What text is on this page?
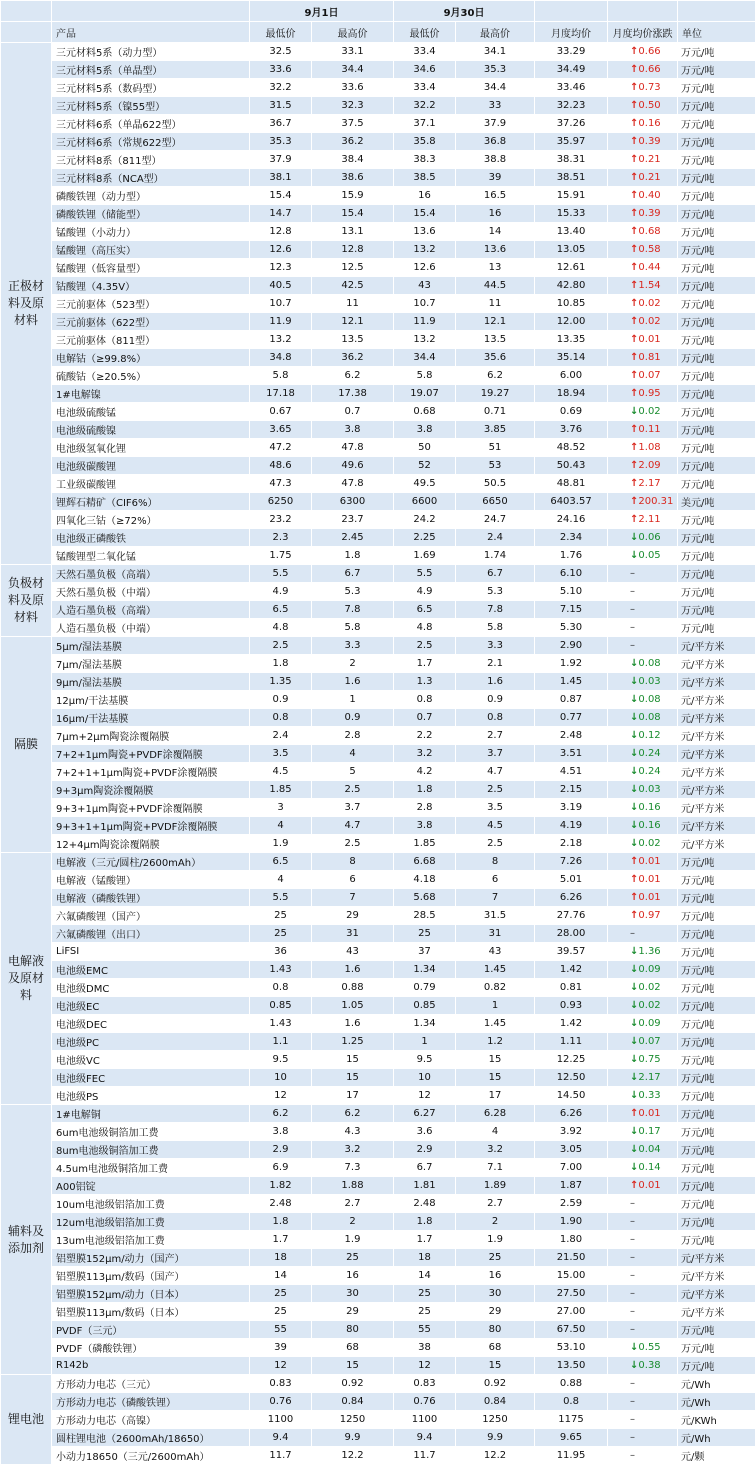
		9月1日		9月30日				
	产品	最低价	最高价	最低价	最高价	月度均价	月度均价涨跌	单位
正极材料及原材料	三元材料5系（动力型）	32.5	33.1	33.4	34.1	33.29	↑0.66	万元/吨
	三元材料5系（单晶型）	33.6	34.4	34.6	35.3	34.49	↑0.66	万元/吨
	三元材料5系（数码型）	32.2	33.6	33.4	34.4	33.46	↑0.73	万元/吨
	三元材料5系（镍55型）	31.5	32.3	32.2	33	32.23	↑0.50	万元/吨
	三元材料6系（单晶622型）	36.7	37.5	37.1	37.9	37.26	↑0.16	万元/吨
	三元材料6系（常规622型）	35.3	36.2	35.8	36.8	35.97	↑0.39	万元/吨
	三元材料8系（811型）	37.9	38.4	38.3	38.8	38.31	↑0.21	万元/吨
	三元材料8系（NCA型）	38.1	38.6	38.5	39	38.51	↑0.21	万元/吨
	磷酸铁锂（动力型）	15.4	15.9	16	16.5	15.91	↑0.40	万元/吨
	磷酸铁锂（储能型）	14.7	15.4	15.4	16	15.33	↑0.39	万元/吨
	锰酸锂（小动力）	12.8	13.1	13.6	14	13.40	↑0.68	万元/吨
	锰酸锂（高压实）	12.6	12.8	13.2	13.6	13.05	↑0.58	万元/吨
	锰酸锂（低容量型）	12.3	12.5	12.6	13	12.61	↑0.44	万元/吨
	钴酸锂（4.35V）	40.5	42.5	43	44.5	42.80	↑1.54	万元/吨
	三元前驱体（523型）	10.7	11	10.7	11	10.85	↑0.02	万元/吨
	三元前驱体（622型）	11.9	12.1	11.9	12.1	12.00	↑0.02	万元/吨
	三元前驱体（811型）	13.2	13.5	13.2	13.5	13.35	↑0.01	万元/吨
	电解钴（≥99.8%）	34.8	36.2	34.4	35.6	35.14	↑0.81	万元/吨
	硫酸钴（≥20.5%）	5.8	6.2	5.8	6.2	6.00	↑0.07	万元/吨
	1#电解镍	17.18	17.38	19.07	19.27	18.94	↑0.95	万元/吨
	电池级硫酸锰	0.67	0.7	0.68	0.71	0.69	↓0.02	万元/吨
	电池级硫酸镍	3.65	3.8	3.8	3.85	3.76	↑0.11	万元/吨
	电池级氢氧化锂	47.2	47.8	50	51	48.52	↑1.08	万元/吨
	电池级碳酸锂	48.6	49.6	52	53	50.43	↑2.09	万元/吨
	工业级碳酸锂	47.3	47.8	49.5	50.5	48.81	↑2.17	万元/吨
	锂辉石精矿（CIF6%）	6250	6300	6600	6650	6403.57	↑200.31	美元/吨
	四氧化三钴（≥72%）	23.2	23.7	24.2	24.7	24.16	↑2.11	万元/吨
	电池级正磷酸铁	2.3	2.45	2.25	2.4	2.34	↓0.06	万元/吨
	锰酸锂型二氧化锰	1.75	1.8	1.69	1.74	1.76	↓0.05	万元/吨
负极材料及原材料	天然石墨负极（高端）	5.5	6.7	5.5	6.7	6.10	–	万元/吨
	天然石墨负极（中端）	4.9	5.3	4.9	5.3	5.10	–	万元/吨
	人造石墨负极（高端）	6.5	7.8	6.5	7.8	7.15	–	万元/吨
	人造石墨负极（中端）	4.8	5.8	4.8	5.8	5.30	–	万元/吨
隔膜	5μm/湿法基膜	2.5	3.3	2.5	3.3	2.90	–	元/平方米
	7μm/湿法基膜	1.8	2	1.7	2.1	1.92	↓0.08	元/平方米
	9μm/湿法基膜	1.35	1.6	1.3	1.6	1.45	↓0.03	元/平方米
	12μm/干法基膜	0.9	1	0.8	0.9	0.87	↓0.08	元/平方米
	16μm/干法基膜	0.8	0.9	0.7	0.8	0.77	↓0.08	元/平方米
	7μm+2μm陶瓷涂覆隔膜	2.4	2.8	2.2	2.7	2.48	↓0.12	元/平方米
	7+2+1μm陶瓷+PVDF涂覆隔膜	3.5	4	3.2	3.7	3.51	↓0.24	元/平方米
	7+2+1+1μm陶瓷+PVDF涂覆隔膜	4.5	5	4.2	4.7	4.51	↓0.24	元/平方米
	9+3μm陶瓷涂覆隔膜	1.85	2.5	1.8	2.5	2.15	↓0.03	元/平方米
	9+3+1μm陶瓷+PVDF涂覆隔膜	3	3.7	2.8	3.5	3.19	↓0.16	元/平方米
	9+3+1+1μm陶瓷+PVDF涂覆隔膜	4	4.7	3.8	4.5	4.19	↓0.16	元/平方米
	12+4μm陶瓷涂覆隔膜	1.9	2.5	1.85	2.5	2.18	↓0.02	元/平方米
电解液及原材料	电解液（三元/圆柱/2600mAh）	6.5	8	6.68	8	7.26	↑0.01	万元/吨
	电解液（锰酸锂）	4	6	4.18	6	5.01	↑0.01	万元/吨
	电解液（磷酸铁锂）	5.5	7	5.68	7	6.26	↑0.01	万元/吨
	六氟磷酸锂（国产）	25	29	28.5	31.5	27.76	↑0.97	万元/吨
	六氟磷酸锂（出口）	25	31	25	31	28.00	–	万元/吨
	LiFSI	36	43	37	43	39.57	↓1.36	万元/吨
	电池级EMC	1.43	1.6	1.34	1.45	1.42	↓0.09	万元/吨
	电池级DMC	0.8	0.88	0.79	0.82	0.81	↓0.02	万元/吨
	电池级EC	0.85	1.05	0.85	1	0.93	↓0.02	万元/吨
	电池级DEC	1.43	1.6	1.34	1.45	1.42	↓0.09	万元/吨
	电池级PC	1.1	1.25	1	1.2	1.11	↓0.07	万元/吨
	电池级VC	9.5	15	9.5	15	12.25	↓0.75	万元/吨
	电池级FEC	10	15	10	15	12.50	↓2.17	万元/吨
	电池级PS	12	17	12	17	14.50	↓0.33	万元/吨
辅料及添加剂	1#电解铜	6.2	6.2	6.27	6.28	6.26	↑0.01	万元/吨
	6um电池级铜箔加工费	3.8	4.3	3.6	4	3.92	↓0.17	万元/吨
	8um电池级铜箔加工费	2.9	3.2	2.9	3.2	3.05	↓0.04	万元/吨
	4.5um电池级铜箔加工费	6.9	7.3	6.7	7.1	7.00	↓0.14	万元/吨
	A00铝锭	1.82	1.88	1.81	1.89	1.87	↑0.01	万元/吨
	10um电池级铝箔加工费	2.48	2.7	2.48	2.7	2.59	–	万元/吨
	12um电池级铝箔加工费	1.8	2	1.8	2	1.90	–	万元/吨
	13um电池级铝箔加工费	1.7	1.9	1.7	1.9	1.80	–	万元/吨
	铝塑膜152μm/动力（国产）	18	25	18	25	21.50	–	元/平方米
	铝塑膜113μm/数码（国产）	14	16	14	16	15.00	–	元/平方米
	铝塑膜152μm/动力（日本）	25	30	25	30	27.50	–	元/平方米
	铝塑膜113μm/数码（日本）	25	29	25	29	27.00	–	元/平方米
	PVDF（三元）	55	80	55	80	67.50	–	万元/吨
	PVDF（磷酸铁锂）	39	68	38	68	53.10	↓0.55	万元/吨
	R142b	12	15	12	15	13.50	↓0.38	万元/吨
锂电池	方形动力电芯（三元）	0.83	0.92	0.83	0.92	0.88	–	元/Wh
	方形动力电芯（磷酸铁锂）	0.76	0.84	0.76	0.84	0.8	–	元/Wh
	方形动力电芯（高镍）	1100	1250	1100	1250	1175	–	元/KWh
	圆柱锂电池（2600mAh/18650）	9.4	9.9	9.4	9.9	9.65	–	元/Wh
	小动力18650（三元/2600mAh）	11.7	12.2	11.7	12.2	11.95	–	元/颗
